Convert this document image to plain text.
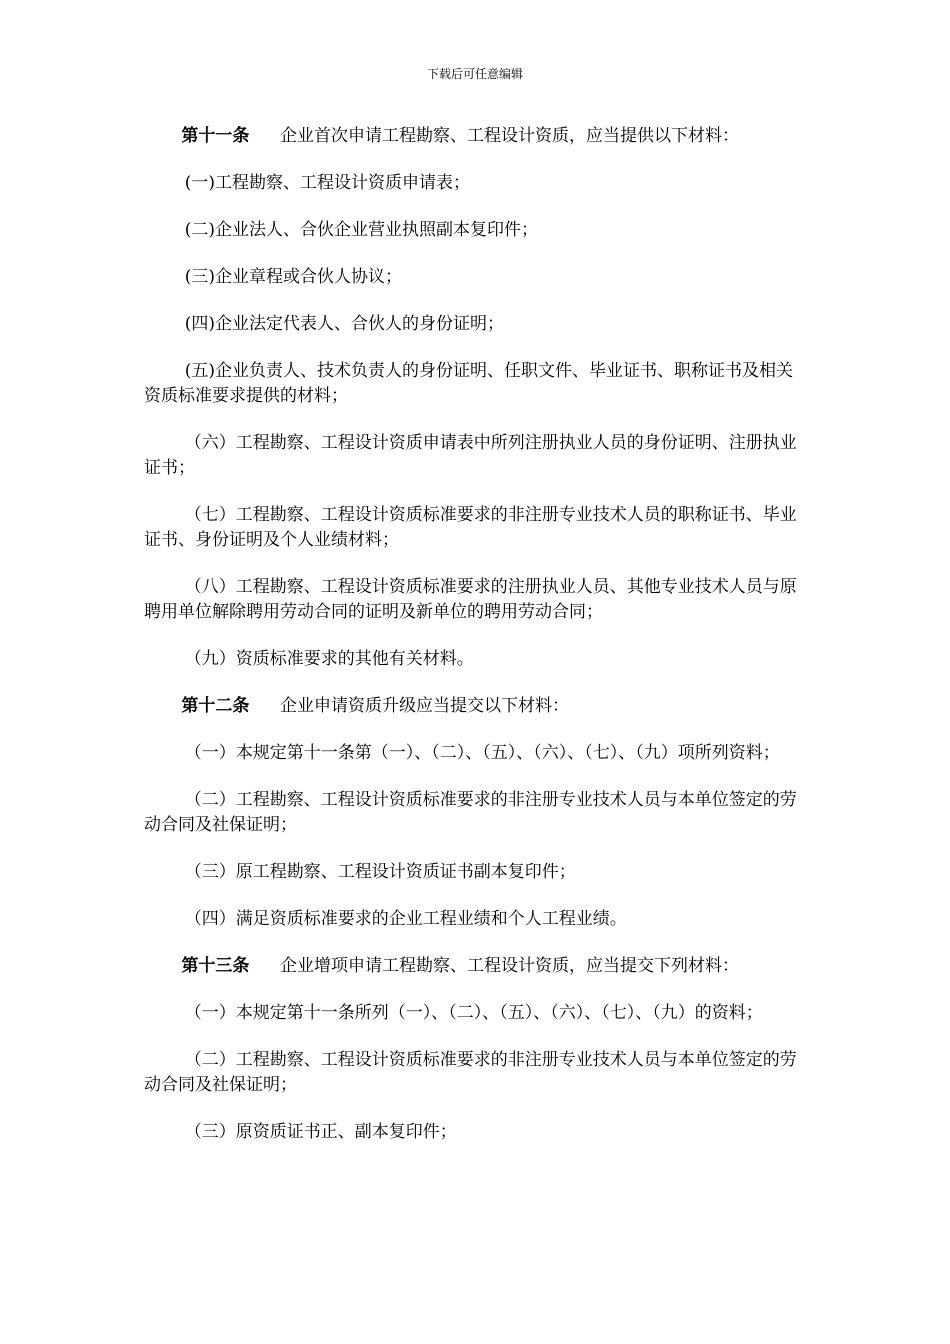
下载后可任意编辑

第十一条 企业首次申请工程勘察、工程设计资质，应当提供以下材料：

(一)工程勘察、工程设计资质申请表；

(二)企业法人、合伙企业营业执照副本复印件；

(三)企业章程或合伙人协议；

(四)企业法定代表人、合伙人的身份证明；

(五)企业负责人、技术负责人的身份证明、任职文件、毕业证书、职称证书及相关资质标准要求提供的材料；

（六）工程勘察、工程设计资质申请表中所列注册执业人员的身份证明、注册执业证书；

（七）工程勘察、工程设计资质标准要求的非注册专业技术人员的职称证书、毕业证书、身份证明及个人业绩材料；

（八）工程勘察、工程设计资质标准要求的注册执业人员、其他专业技术人员与原聘用单位解除聘用劳动合同的证明及新单位的聘用劳动合同；

（九）资质标准要求的其他有关材料。

第十二条 企业申请资质升级应当提交以下材料：

（一）本规定第十一条第（一）、（二）、（五）、（六）、（七）、（九）项所列资料；

（二）工程勘察、工程设计资质标准要求的非注册专业技术人员与本单位签定的劳动合同及社保证明；

（三）原工程勘察、工程设计资质证书副本复印件；

（四）满足资质标准要求的企业工程业绩和个人工程业绩。

第十三条 企业增项申请工程勘察、工程设计资质，应当提交下列材料：

（一）本规定第十一条所列（一）、（二）、（五）、（六）、（七）、（九）的资料；

（二）工程勘察、工程设计资质标准要求的非注册专业技术人员与本单位签定的劳动合同及社保证明；

（三）原资质证书正、副本复印件；
